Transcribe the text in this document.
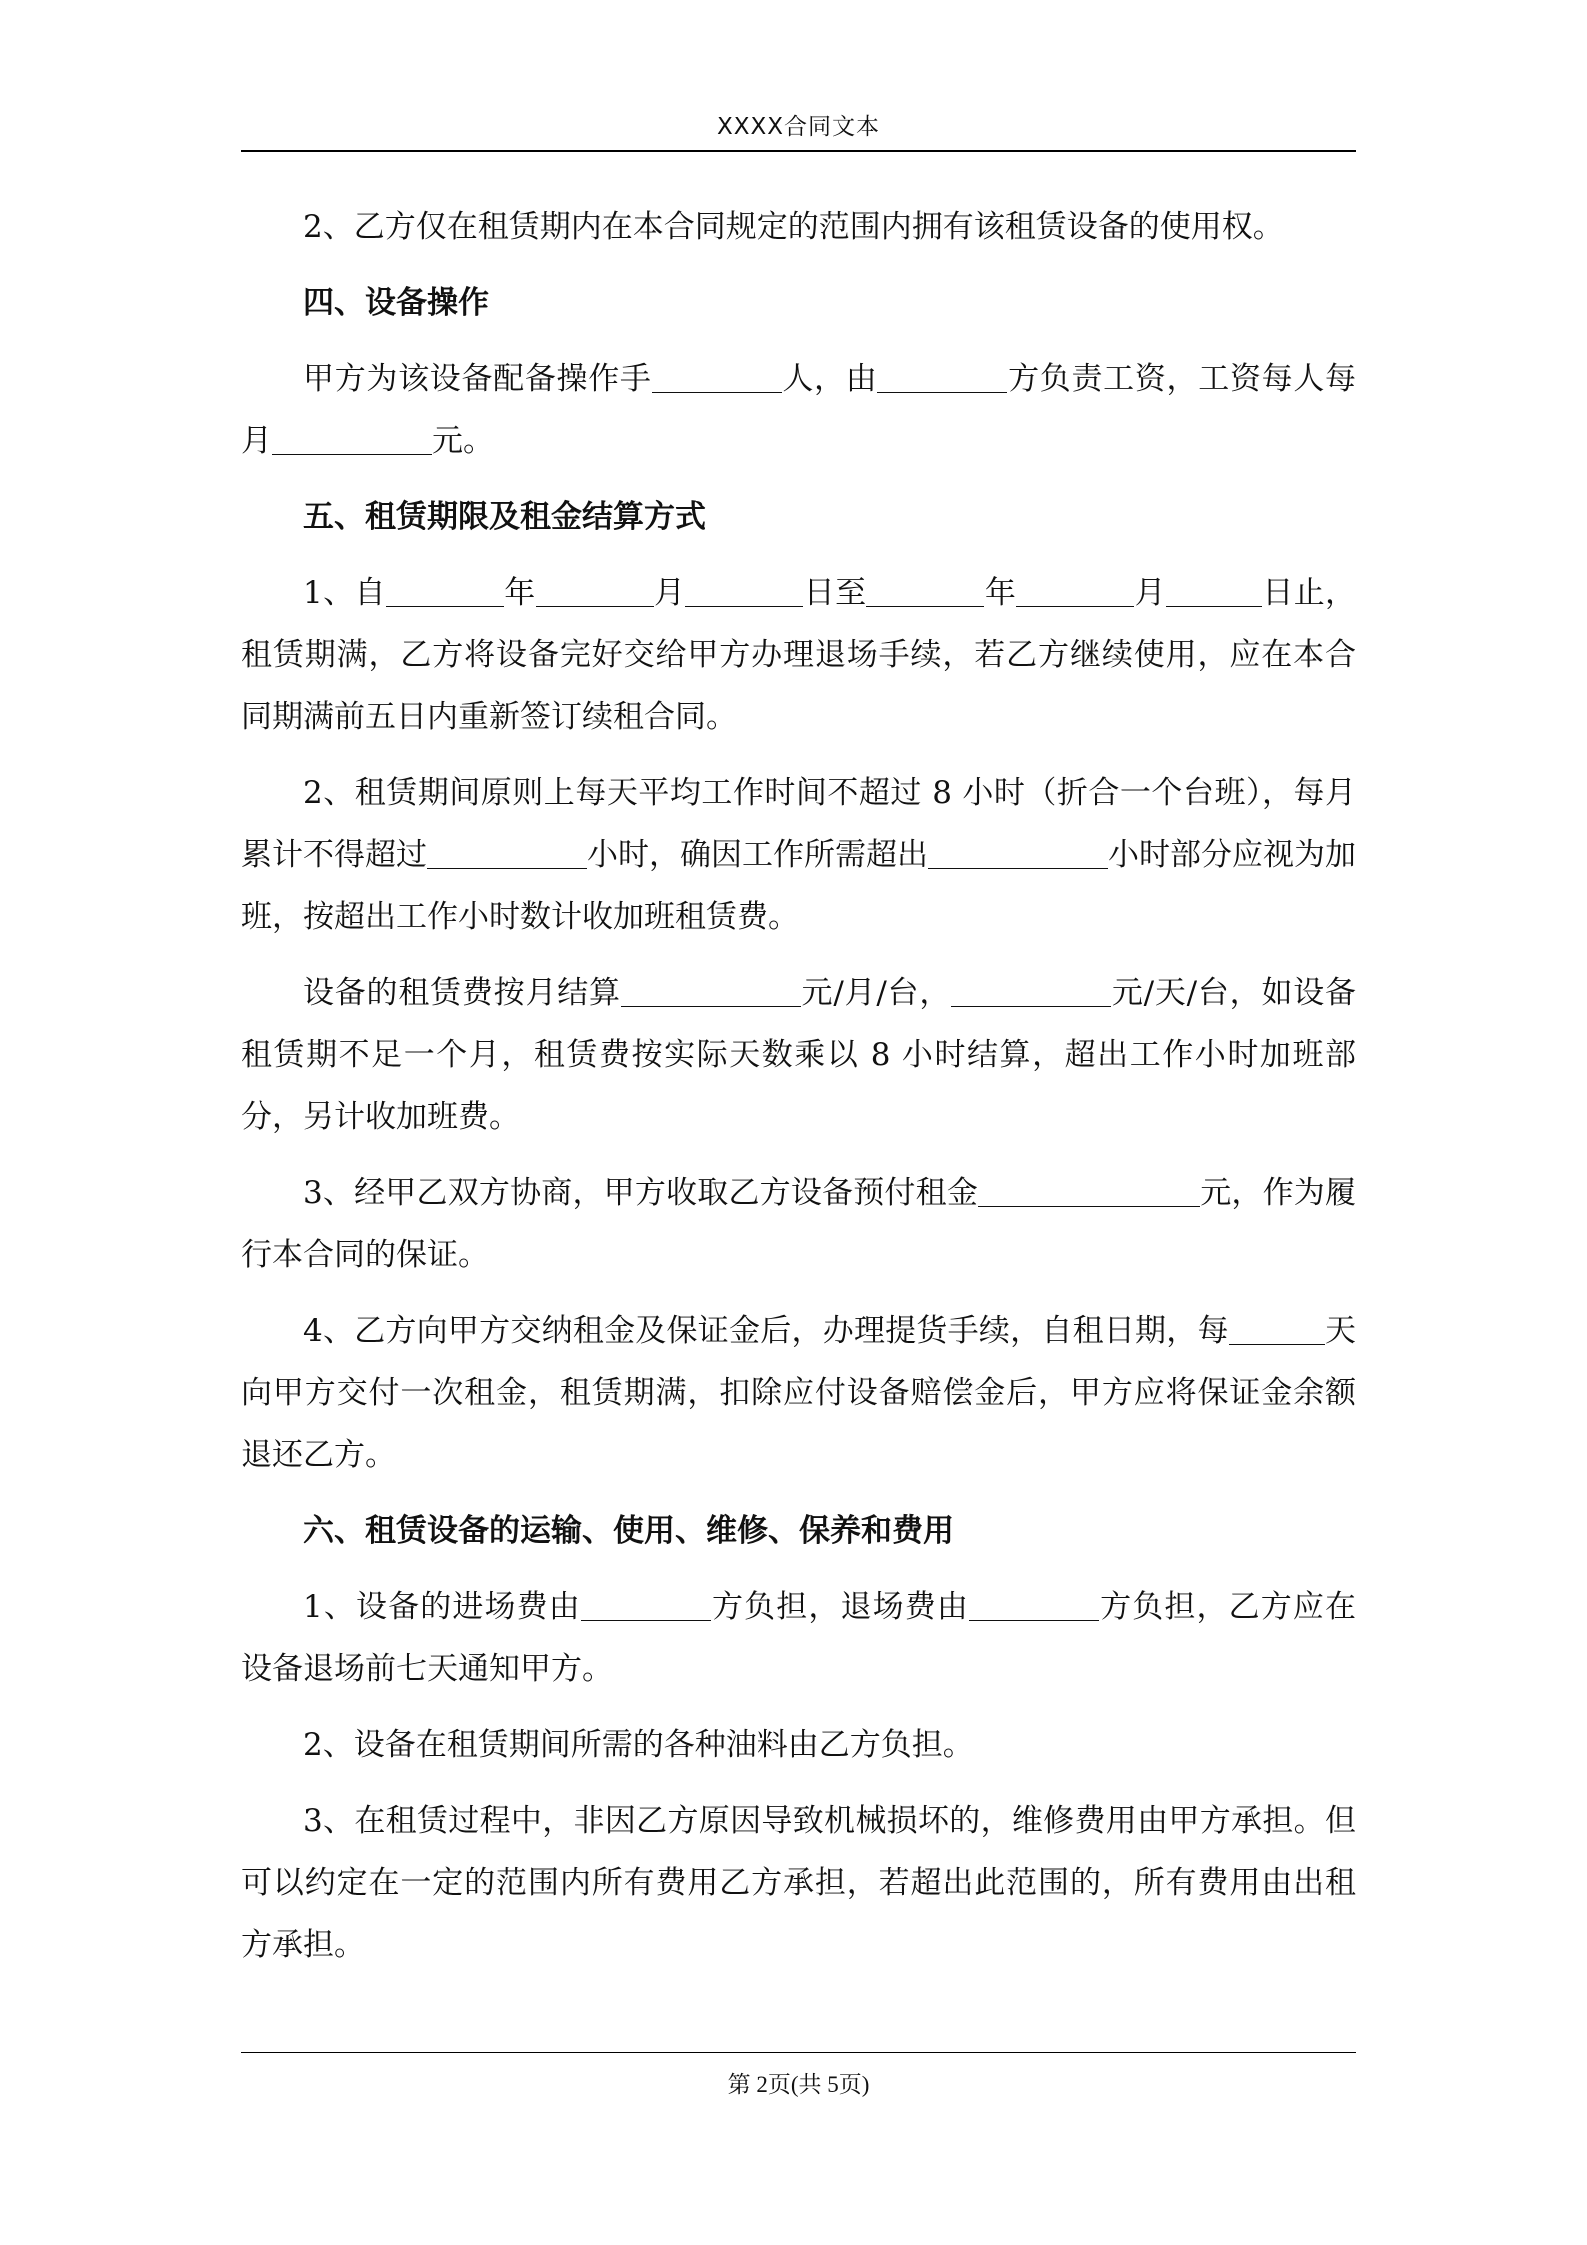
XXXX合同文本

2、乙方仅在租赁期内在本合同规定的范围内拥有该租赁设备的使用权。

四、设备操作

甲方为该设备配备操作手	人，由	方负责工资，工资每人每月	元。

五、租赁期限及租金结算方式

1、自	年	月	日至	年	月	日止，租赁期满，乙方将设备完好交给甲方办理退场手续，若乙方继续使用，应在本合同期满前五日内重新签订续租合同。

2、租赁期间原则上每天平均工作时间不超过 8 小时（折合一个台班），每月累计不得超过	小时，确因工作所需超出	小时部分应视为加班，按超出工作小时数计收加班租赁费。

设备的租赁费按月结算	元/月/台，	元/天/台，如设备租赁期不足一个月，租赁费按实际天数乘以 8 小时结算，超出工作小时加班部分，另计收加班费。

3、经甲乙双方协商，甲方收取乙方设备预付租金	元，作为履行本合同的保证。

4、乙方向甲方交纳租金及保证金后，办理提货手续，自租日期，每	天向甲方交付一次租金，租赁期满，扣除应付设备赔偿金后，甲方应将保证金余额退还乙方。

六、租赁设备的运输、使用、维修、保养和费用

1、设备的进场费由	方负担，退场费由	方负担，乙方应在设备退场前七天通知甲方。

2、设备在租赁期间所需的各种油料由乙方负担。

3、在租赁过程中，非因乙方原因导致机械损坏的，维修费用由甲方承担。但可以约定在一定的范围内所有费用乙方承担，若超出此范围的，所有费用由出租方承担。

第 2页(共 5页)
